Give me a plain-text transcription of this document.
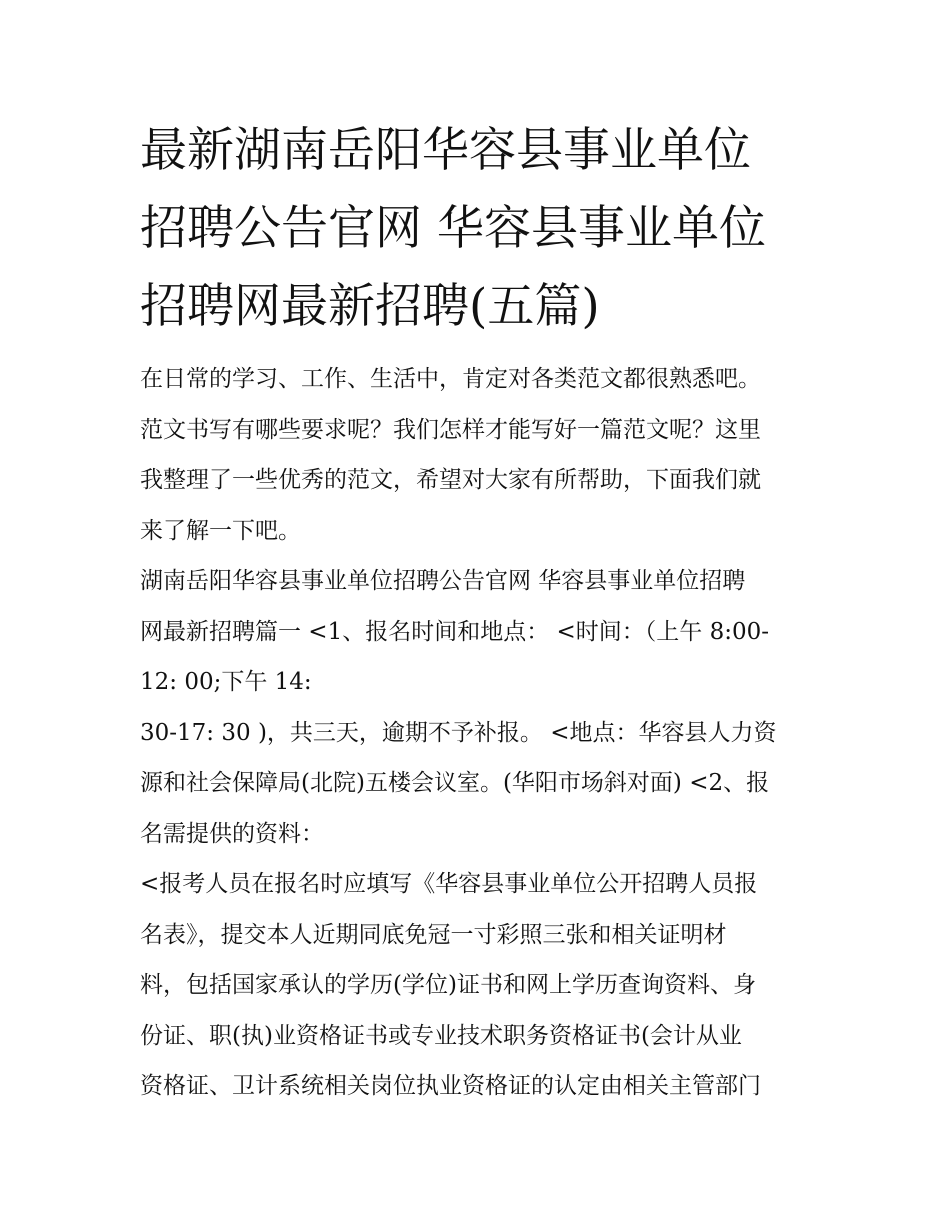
最新湖南岳阳华容县事业单位
招聘公告官网 华容县事业单位
招聘网最新招聘(五篇)

在日常的学习、工作、生活中，肯定对各类范文都很熟悉吧。
范文书写有哪些要求呢？我们怎样才能写好一篇范文呢？这里
我整理了一些优秀的范文，希望对大家有所帮助，下面我们就
来了解一下吧。

湖南岳阳华容县事业单位招聘公告官网 华容县事业单位招聘
网最新招聘篇一 <1、报名时间和地点： <时间：（上午 8:00-
12: 00;下午 14:

30-17: 30 )，共三天，逾期不予补报。 <地点：华容县人力资
源和社会保障局(北院)五楼会议室。(华阳市场斜对面) <2、报
名需提供的资料：

<报考人员在报名时应填写《华容县事业单位公开招聘人员报
名表》，提交本人近期同底免冠一寸彩照三张和相关证明材
料，包括国家承认的学历(学位)证书和网上学历查询资料、身
份证、职(执)业资格证书或专业技术职务资格证书(会计从业
资格证、卫计系统相关岗位执业资格证的认定由相关主管部门
